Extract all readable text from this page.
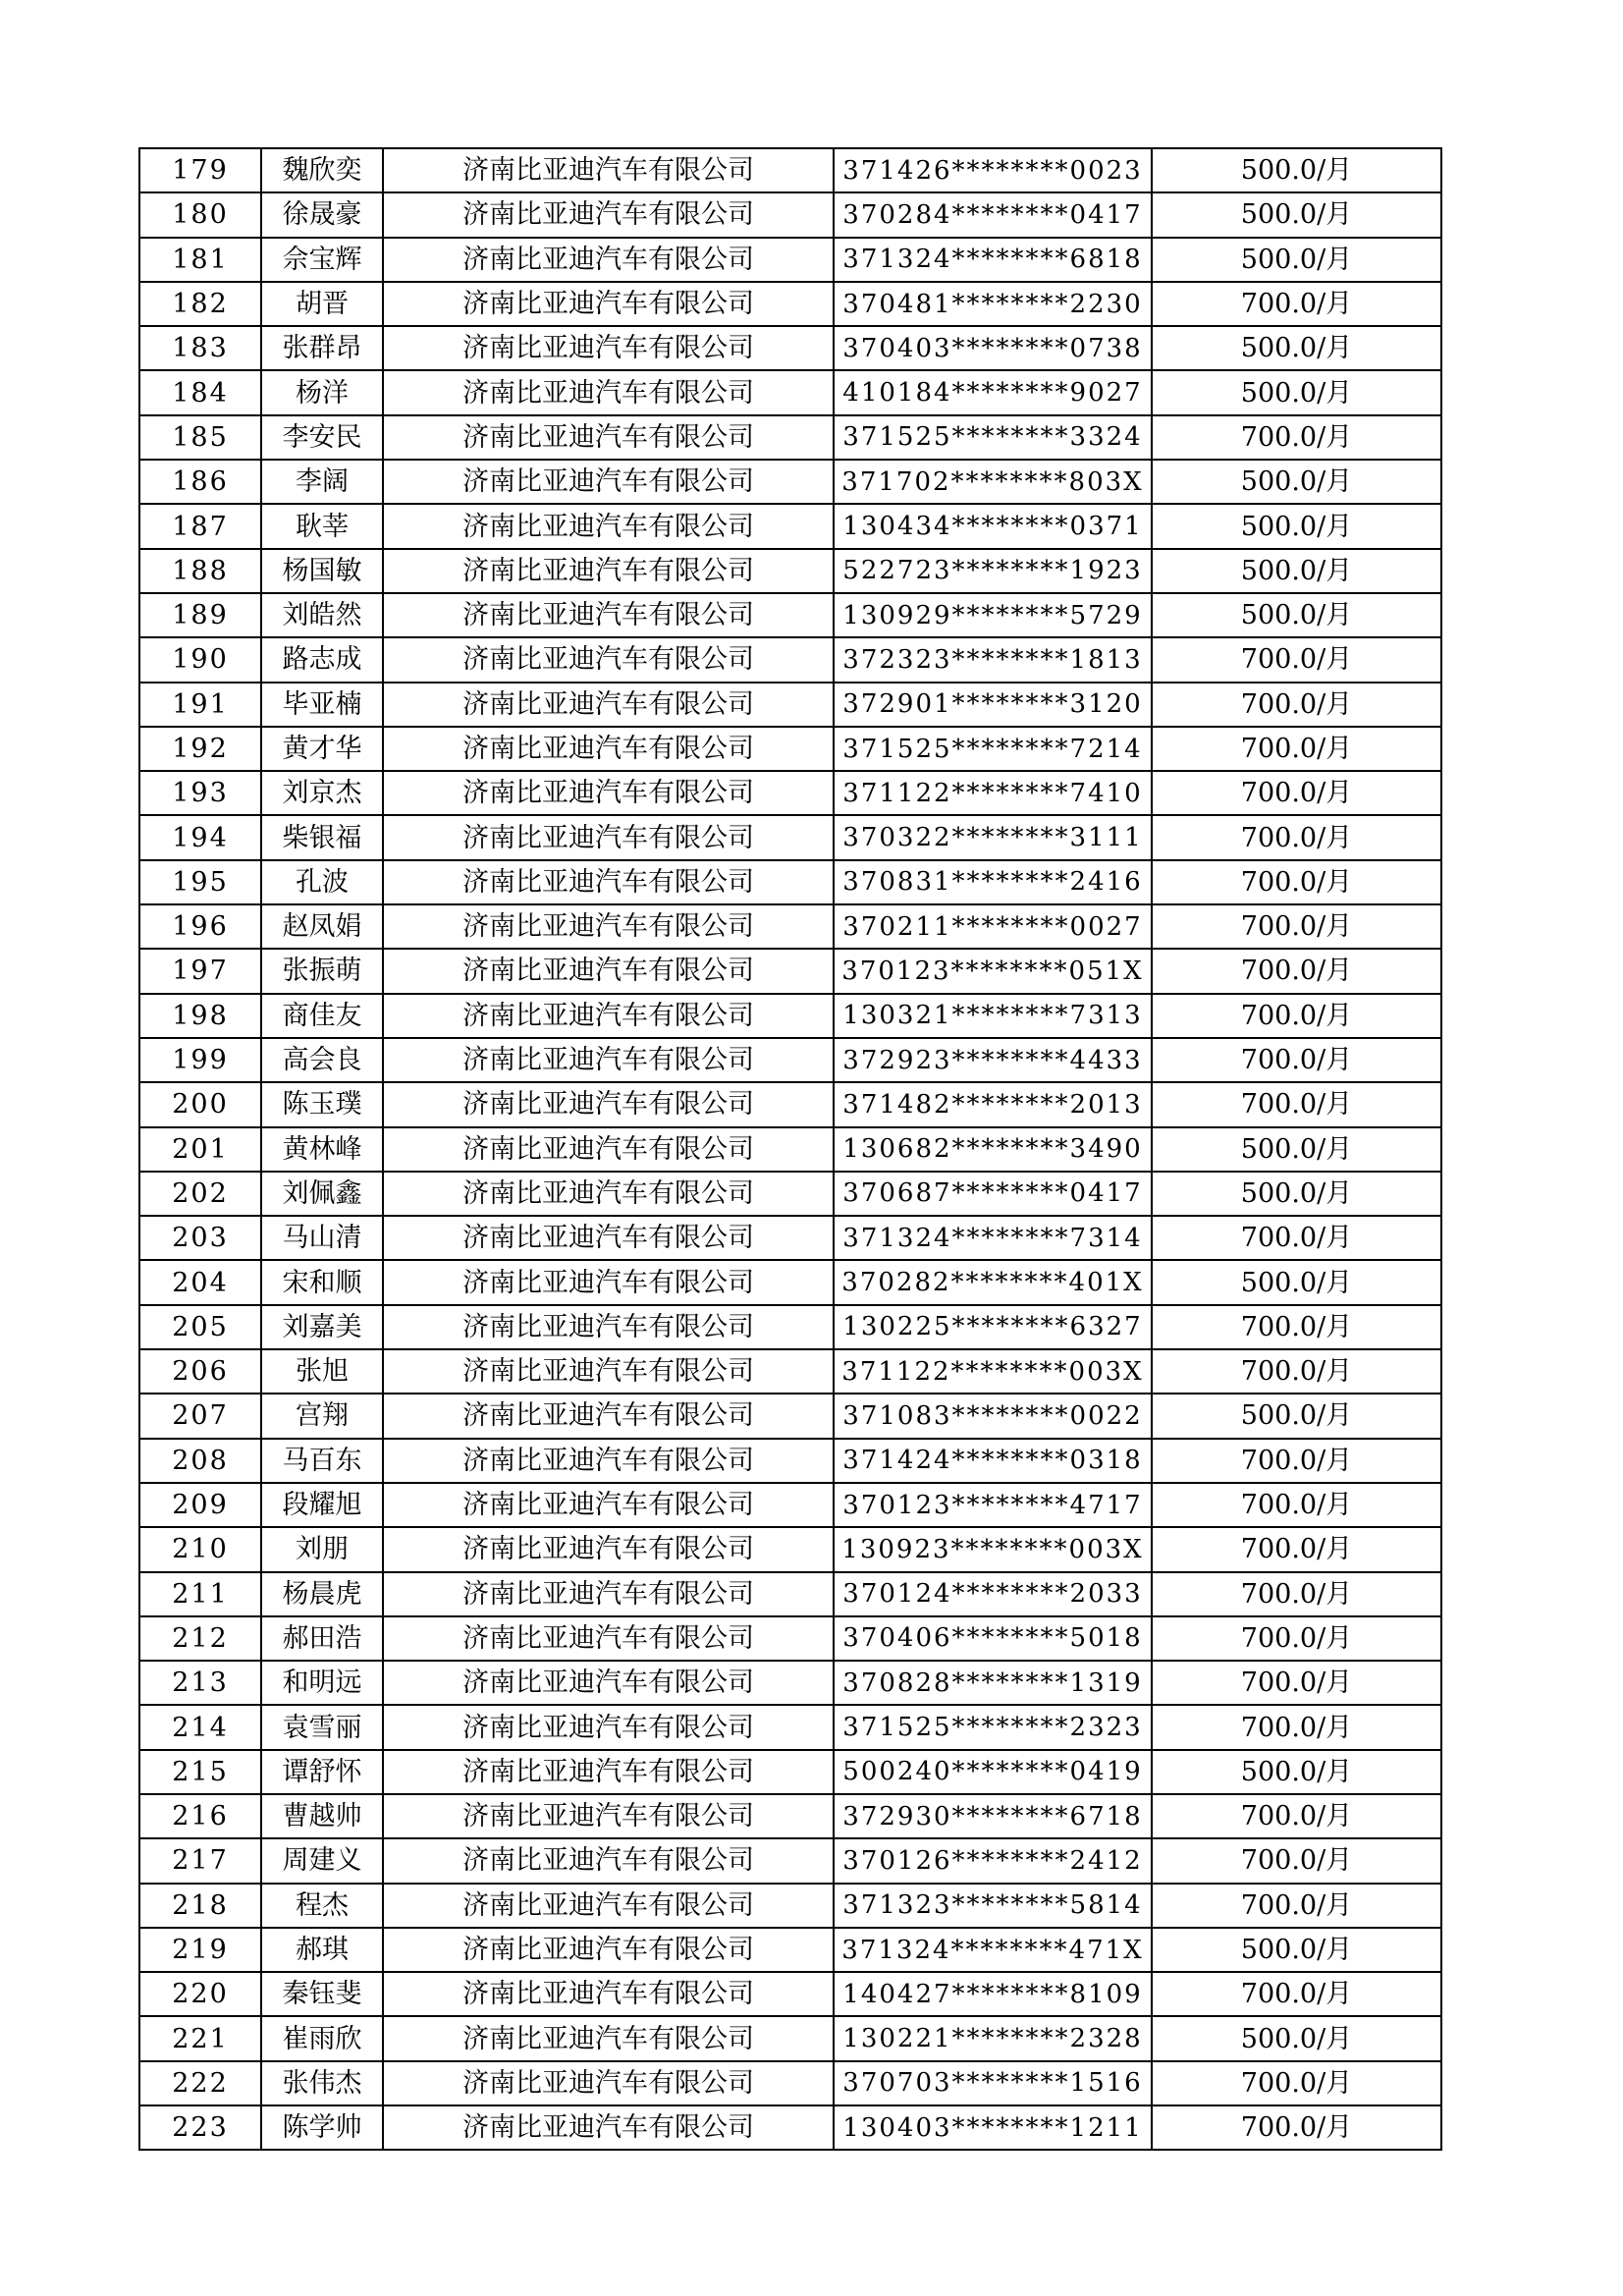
179	魏欣奕	济南比亚迪汽车有限公司	371426********0023	500.0/月
180	徐晟豪	济南比亚迪汽车有限公司	370284********0417	500.0/月
181	佘宝辉	济南比亚迪汽车有限公司	371324********6818	500.0/月
182	胡晋	济南比亚迪汽车有限公司	370481********2230	700.0/月
183	张群昂	济南比亚迪汽车有限公司	370403********0738	500.0/月
184	杨洋	济南比亚迪汽车有限公司	410184********9027	500.0/月
185	李安民	济南比亚迪汽车有限公司	371525********3324	700.0/月
186	李阔	济南比亚迪汽车有限公司	371702********803X	500.0/月
187	耿莘	济南比亚迪汽车有限公司	130434********0371	500.0/月
188	杨国敏	济南比亚迪汽车有限公司	522723********1923	500.0/月
189	刘皓然	济南比亚迪汽车有限公司	130929********5729	500.0/月
190	路志成	济南比亚迪汽车有限公司	372323********1813	700.0/月
191	毕亚楠	济南比亚迪汽车有限公司	372901********3120	700.0/月
192	黄才华	济南比亚迪汽车有限公司	371525********7214	700.0/月
193	刘京杰	济南比亚迪汽车有限公司	371122********7410	700.0/月
194	柴银福	济南比亚迪汽车有限公司	370322********3111	700.0/月
195	孔波	济南比亚迪汽车有限公司	370831********2416	700.0/月
196	赵凤娟	济南比亚迪汽车有限公司	370211********0027	700.0/月
197	张振萌	济南比亚迪汽车有限公司	370123********051X	700.0/月
198	商佳友	济南比亚迪汽车有限公司	130321********7313	700.0/月
199	高会良	济南比亚迪汽车有限公司	372923********4433	700.0/月
200	陈玉璞	济南比亚迪汽车有限公司	371482********2013	700.0/月
201	黄林峰	济南比亚迪汽车有限公司	130682********3490	500.0/月
202	刘佩鑫	济南比亚迪汽车有限公司	370687********0417	500.0/月
203	马山清	济南比亚迪汽车有限公司	371324********7314	700.0/月
204	宋和顺	济南比亚迪汽车有限公司	370282********401X	500.0/月
205	刘嘉美	济南比亚迪汽车有限公司	130225********6327	700.0/月
206	张旭	济南比亚迪汽车有限公司	371122********003X	700.0/月
207	宫翔	济南比亚迪汽车有限公司	371083********0022	500.0/月
208	马百东	济南比亚迪汽车有限公司	371424********0318	700.0/月
209	段耀旭	济南比亚迪汽车有限公司	370123********4717	700.0/月
210	刘朋	济南比亚迪汽车有限公司	130923********003X	700.0/月
211	杨晨虎	济南比亚迪汽车有限公司	370124********2033	700.0/月
212	郝田浩	济南比亚迪汽车有限公司	370406********5018	700.0/月
213	和明远	济南比亚迪汽车有限公司	370828********1319	700.0/月
214	袁雪丽	济南比亚迪汽车有限公司	371525********2323	700.0/月
215	谭舒怀	济南比亚迪汽车有限公司	500240********0419	500.0/月
216	曹越帅	济南比亚迪汽车有限公司	372930********6718	700.0/月
217	周建义	济南比亚迪汽车有限公司	370126********2412	700.0/月
218	程杰	济南比亚迪汽车有限公司	371323********5814	700.0/月
219	郝琪	济南比亚迪汽车有限公司	371324********471X	500.0/月
220	秦钰斐	济南比亚迪汽车有限公司	140427********8109	700.0/月
221	崔雨欣	济南比亚迪汽车有限公司	130221********2328	500.0/月
222	张伟杰	济南比亚迪汽车有限公司	370703********1516	700.0/月
223	陈学帅	济南比亚迪汽车有限公司	130403********1211	700.0/月
